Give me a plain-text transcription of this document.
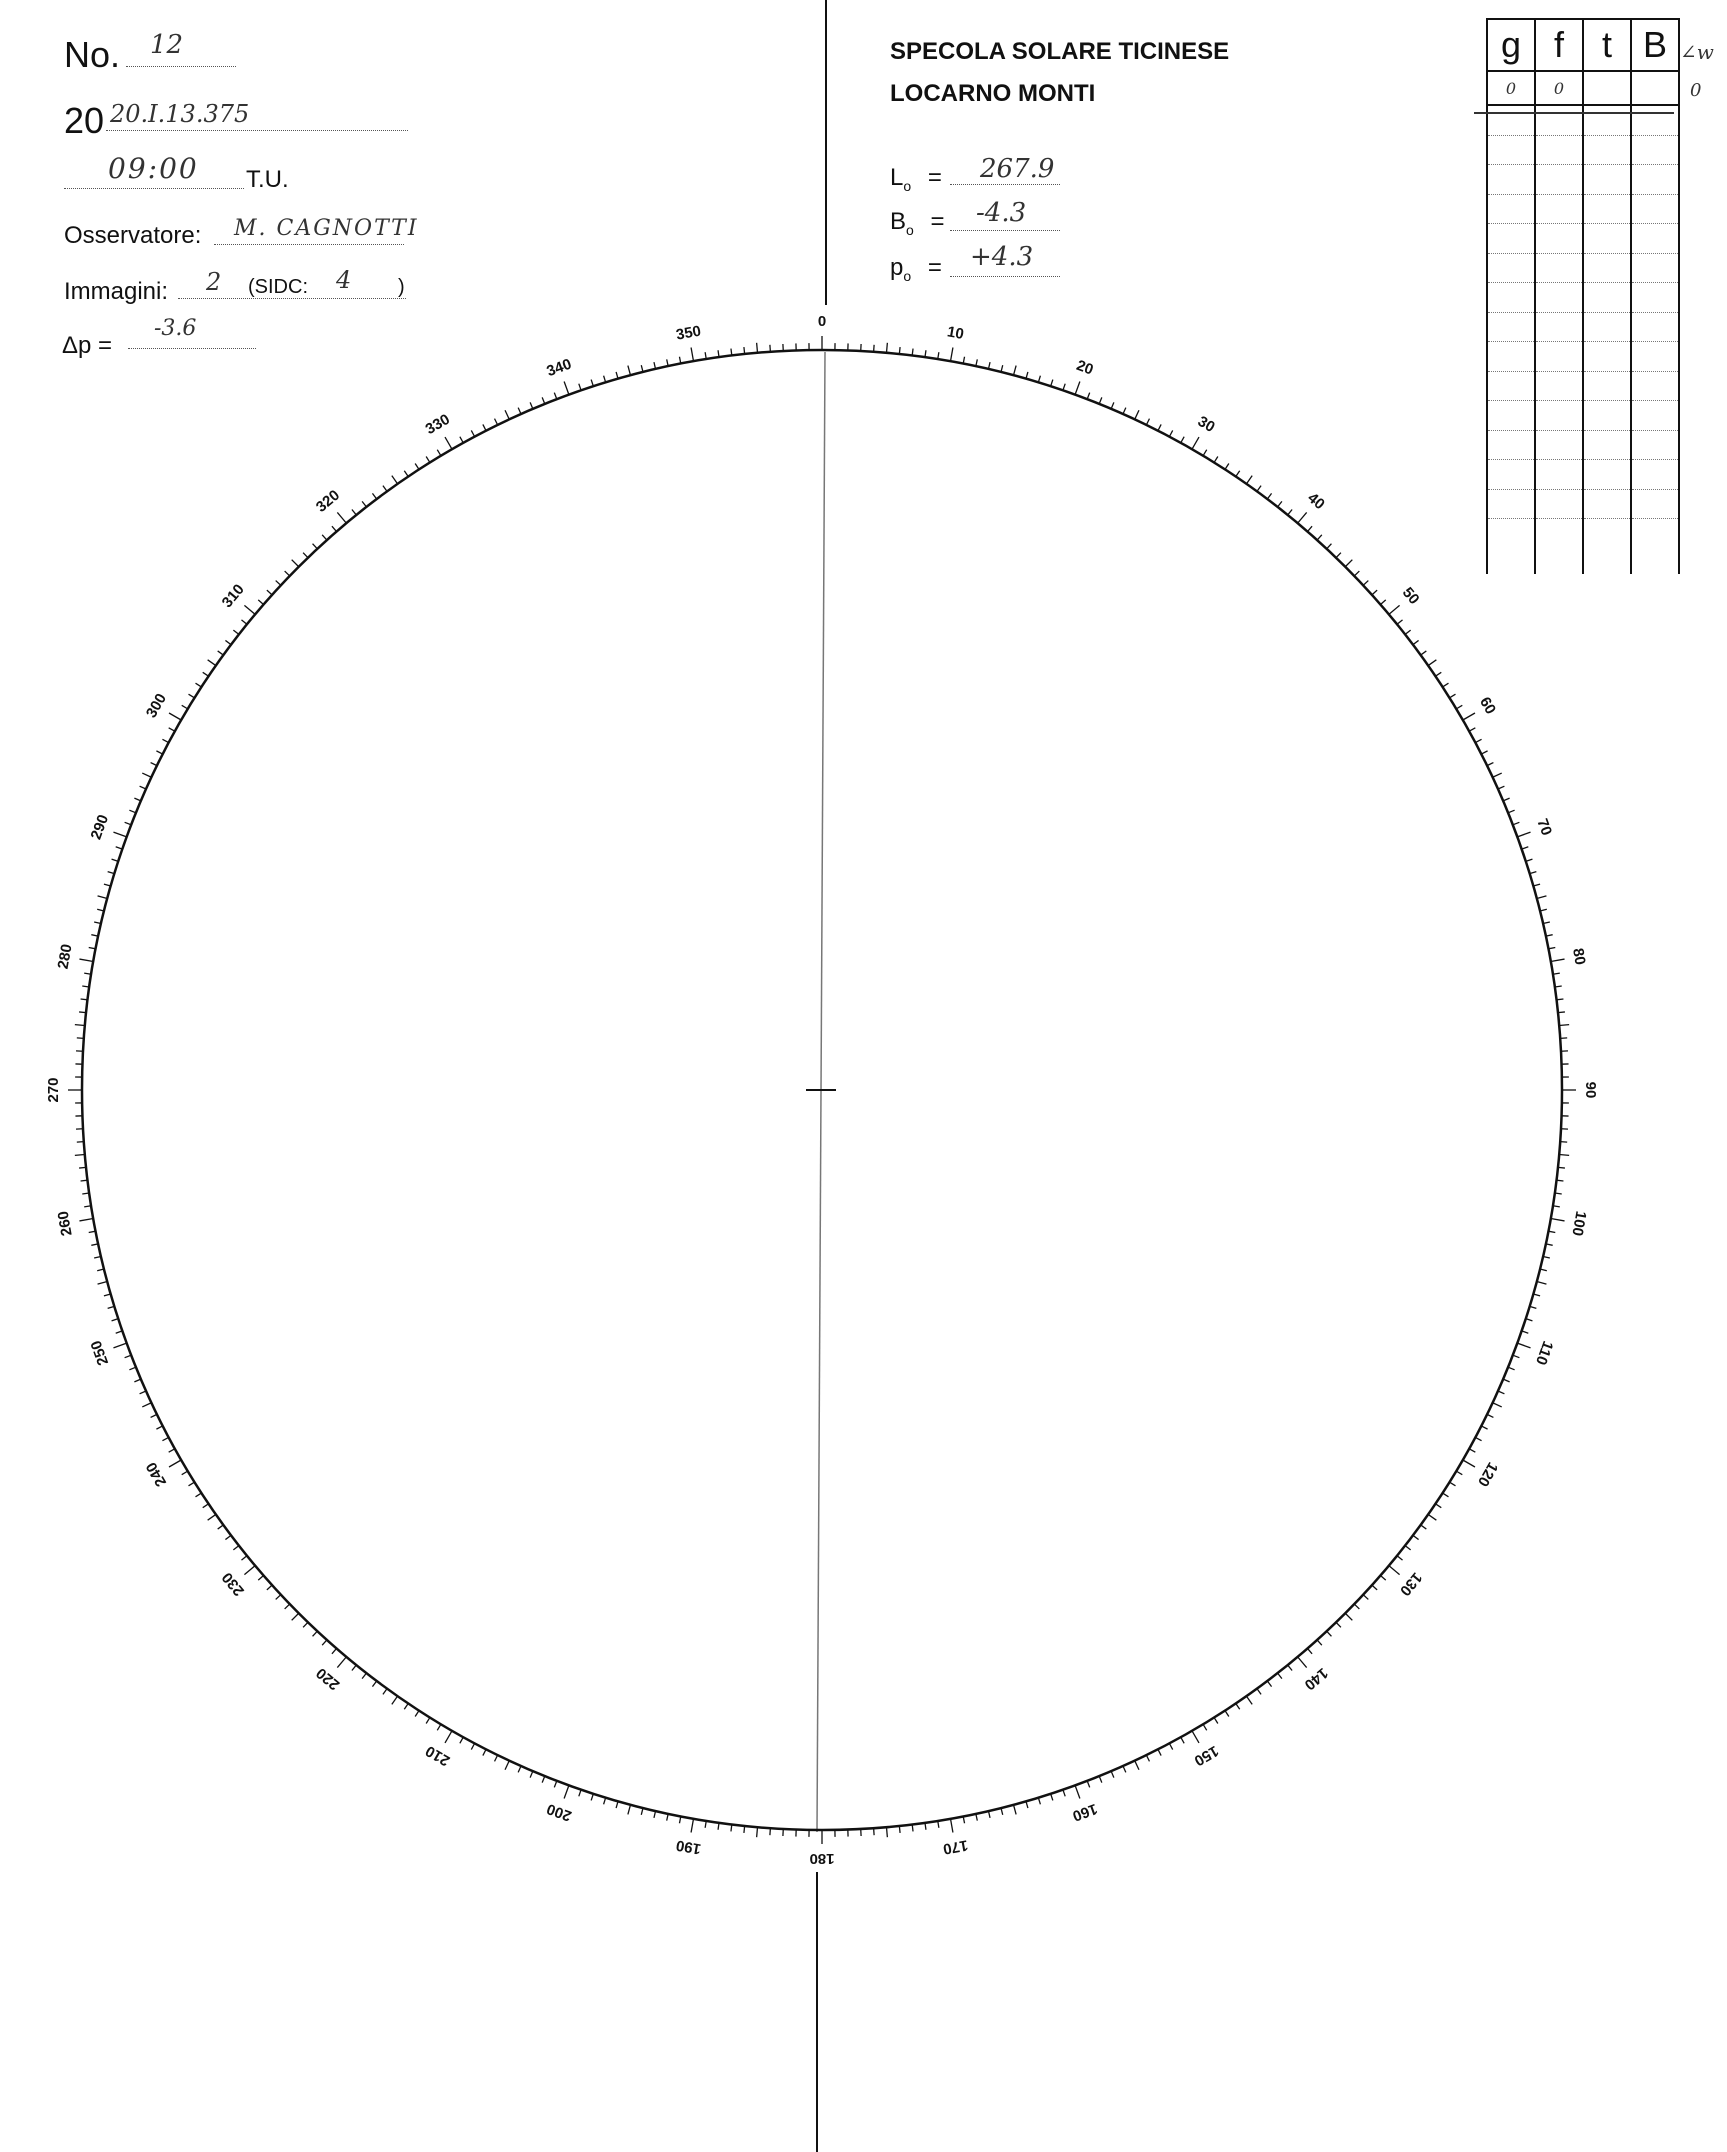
No. 12
20 20.I.13.375
09:00 T.U.
Osservatore: M. CAGNOTTI
Immagini: 2 (SIDC: 4 )
Δp =
-3.6
SPECOLA SOLARE TICINESE
LOCARNO MONTI
$L_o = 267.9$
$B_o = -4.3$
$p_o = +4.3$
g	f	t	B
0	0		

∠w
0
0
10
20
30
40
50
60
70
80
90
100
110
120
130
140
150
160
170
180
190
200
210
220
230
240
250
260
270
280
290
300
310
320
330
340
350
